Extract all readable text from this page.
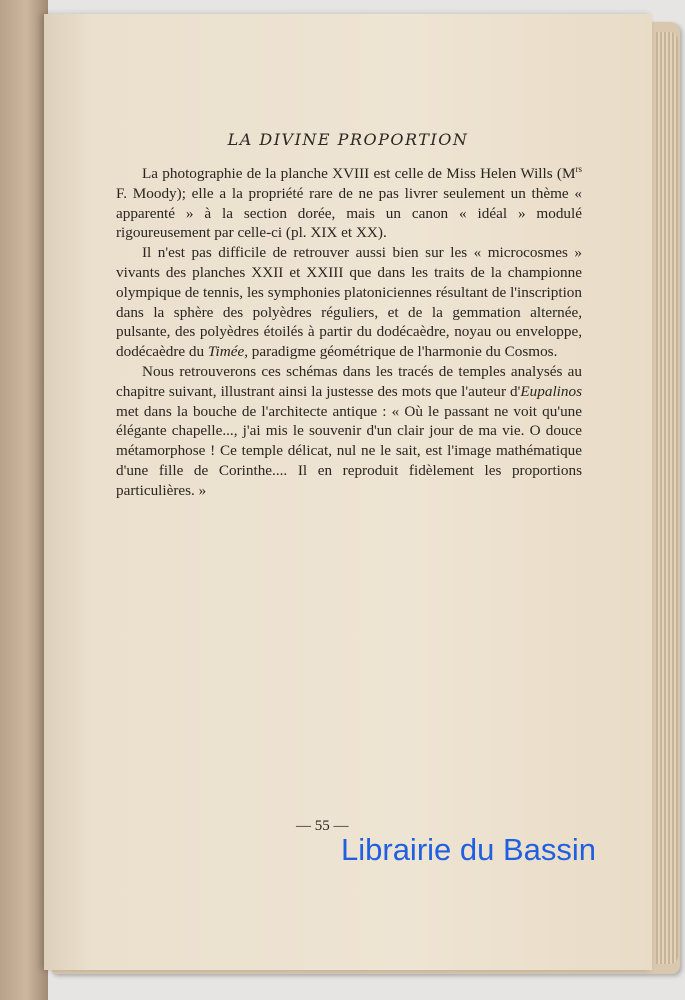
LA DIVINE PROPORTION

La photographie de la planche XVIII est celle de Miss Helen Wills ($M^{rs}$ F. Moody); elle a la propriété rare de ne pas livrer seulement un thème « apparenté » à la section dorée, mais un canon « idéal » modulé rigoureusement par celle-ci (pl. XIX et XX).

Il n'est pas difficile de retrouver aussi bien sur les « microcosmes » vivants des planches XXII et XXIII que dans les traits de la championne olympique de tennis, les symphonies platoniciennes résultant de l'inscription dans la sphère des polyèdres réguliers, et de la gemmation alternée, pulsante, des polyèdres étoilés à partir du dodécaèdre, noyau ou enveloppe, dodécaèdre du Timée, paradigme géométrique de l'harmonie du Cosmos.

Nous retrouverons ces schémas dans les tracés de temples analysés au chapitre suivant, illustrant ainsi la justesse des mots que l'auteur d'Eupalinos met dans la bouche de l'architecte antique : « Où le passant ne voit qu'une élégante chapelle..., j'ai mis le souvenir d'un clair jour de ma vie. O douce métamorphose ! Ce temple délicat, nul ne le sait, est l'image mathématique d'une fille de Corinthe.... Il en reproduit fidèlement les proportions particulières. »

— 55 —
Librairie du Bassin
